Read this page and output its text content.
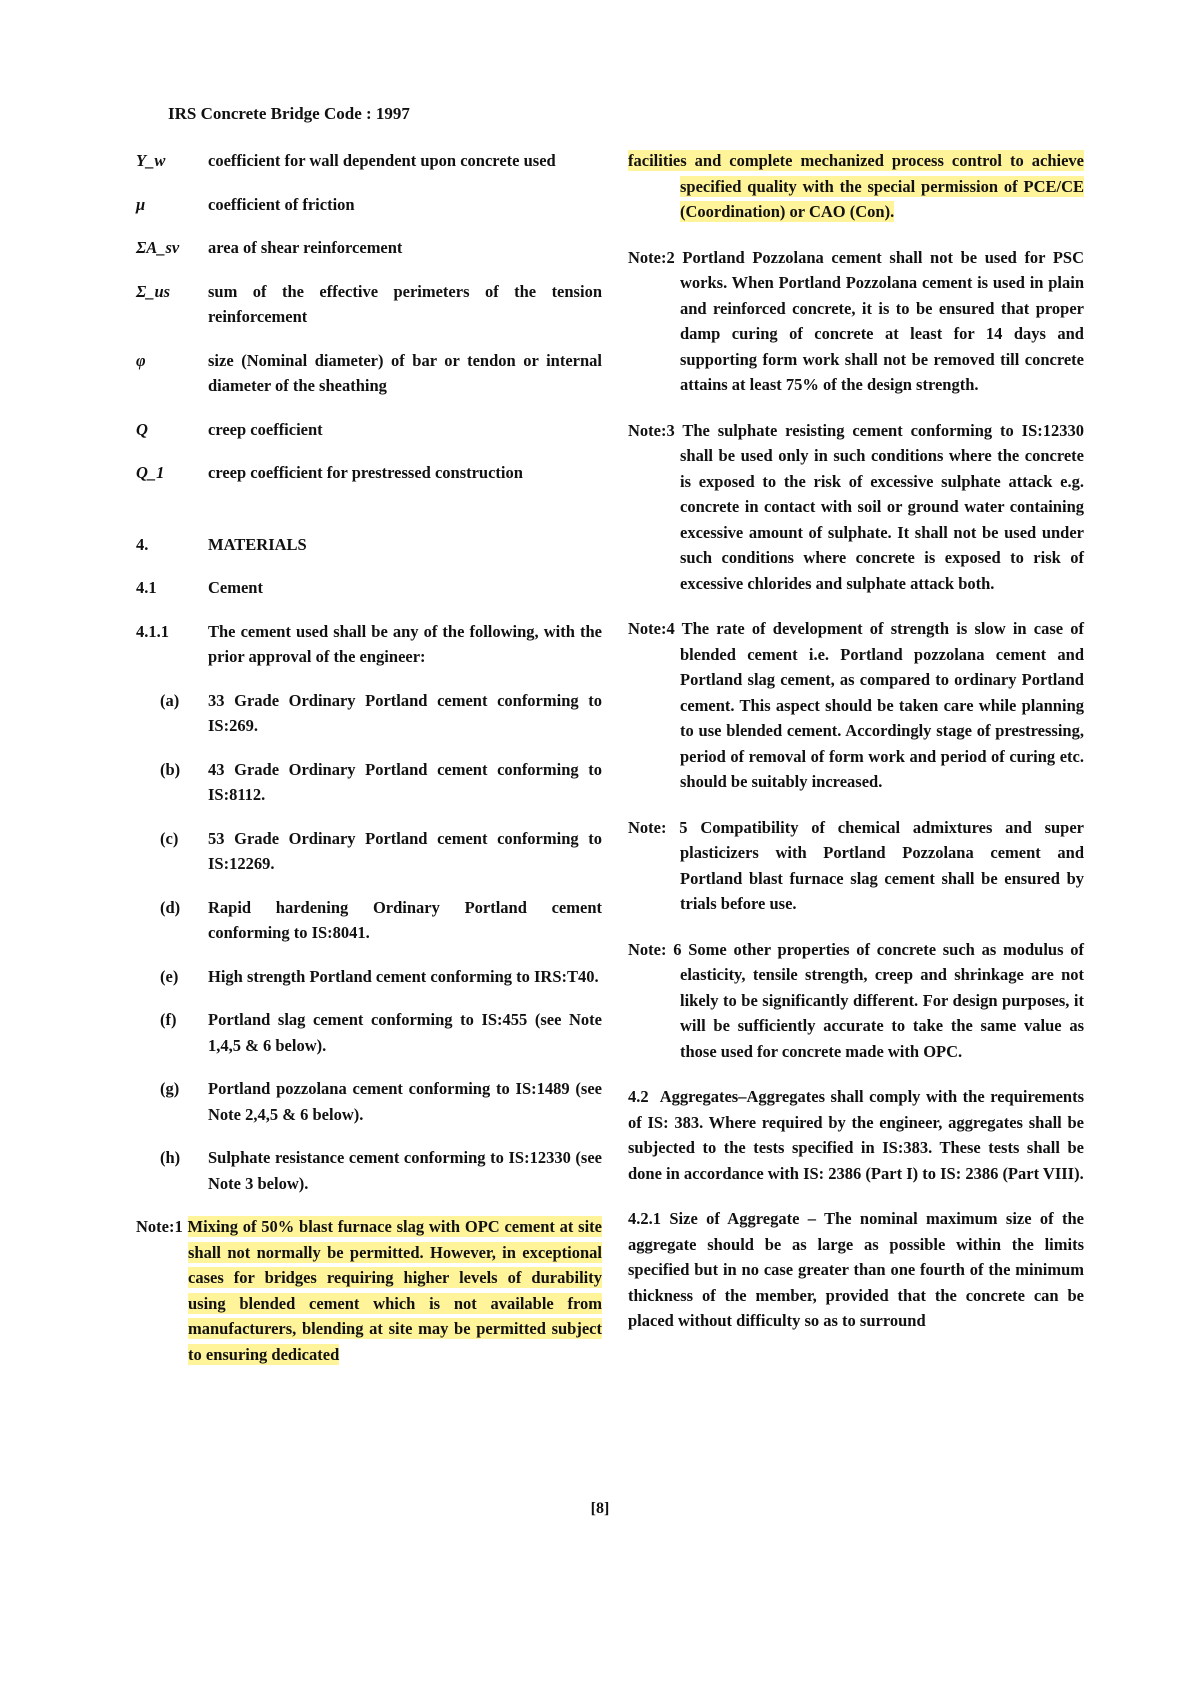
IRS Concrete Bridge Code : 1997
Y_w	coefficient for wall dependent upon concrete used
μ	coefficient of friction
ΣA_sv	area of shear reinforcement
Σ_us	sum of the effective perimeters of the tension reinforcement
φ	size (Nominal diameter) of bar or tendon or internal diameter of the sheathing
Q	creep coefficient
Q_1	creep coefficient for prestressed construction
4.	MATERIALS
4.1	Cement
4.1.1	The cement used shall be any of the following, with the prior approval of the engineer:
(a)	33 Grade Ordinary Portland cement conforming to IS:269.
(b)	43 Grade Ordinary Portland cement conforming to IS:8112.
(c)	53 Grade Ordinary Portland cement conforming to IS:12269.
(d)	Rapid hardening Ordinary Portland cement conforming to IS:8041.
(e)	High strength Portland cement conforming to IRS:T40.
(f)	Portland slag cement conforming to IS:455 (see Note 1,4,5 & 6 below).
(g)	Portland pozzolana cement conforming to IS:1489 (see Note 2,4,5 & 6 below).
(h)	Sulphate resistance cement conforming to IS:12330 (see Note 3 below).
Note:1 Mixing of 50% blast furnace slag with OPC cement at site shall not normally be permitted. However, in exceptional cases for bridges requiring higher levels of durability using blended cement which is not available from manufacturers, blending at site may be permitted subject to ensuring dedicated
facilities and complete mechanized process control to achieve specified quality with the special permission of PCE/CE (Coordination) or CAO (Con).
Note:2 Portland Pozzolana cement shall not be used for PSC works. When Portland Pozzolana cement is used in plain and reinforced concrete, it is to be ensured that proper damp curing of concrete at least for 14 days and supporting form work shall not be removed till concrete attains at least 75% of the design strength.
Note:3 The sulphate resisting cement conforming to IS:12330 shall be used only in such conditions where the concrete is exposed to the risk of excessive sulphate attack e.g. concrete in contact with soil or ground water containing excessive amount of sulphate. It shall not be used under such conditions where concrete is exposed to risk of excessive chlorides and sulphate attack both.
Note:4 The rate of development of strength is slow in case of blended cement i.e. Portland pozzolana cement and Portland slag cement, as compared to ordinary Portland cement. This aspect should be taken care while planning to use blended cement. Accordingly stage of prestressing, period of removal of form work and period of curing etc. should be suitably increased.
Note: 5 Compatibility of chemical admixtures and super plasticizers with Portland Pozzolana cement and Portland blast furnace slag cement shall be ensured by trials before use.
Note: 6 Some other properties of concrete such as modulus of elasticity, tensile strength, creep and shrinkage are not likely to be significantly different. For design purposes, it will be sufficiently accurate to take the same value as those used for concrete made with OPC.
4.2 Aggregates–Aggregates shall comply with the requirements of IS: 383. Where required by the engineer, aggregates shall be subjected to the tests specified in IS:383. These tests shall be done in accordance with IS: 2386 (Part I) to IS: 2386 (Part VIII).
4.2.1 Size of Aggregate – The nominal maximum size of the aggregate should be as large as possible within the limits specified but in no case greater than one fourth of the minimum thickness of the member, provided that the concrete can be placed without difficulty so as to surround
[8]
